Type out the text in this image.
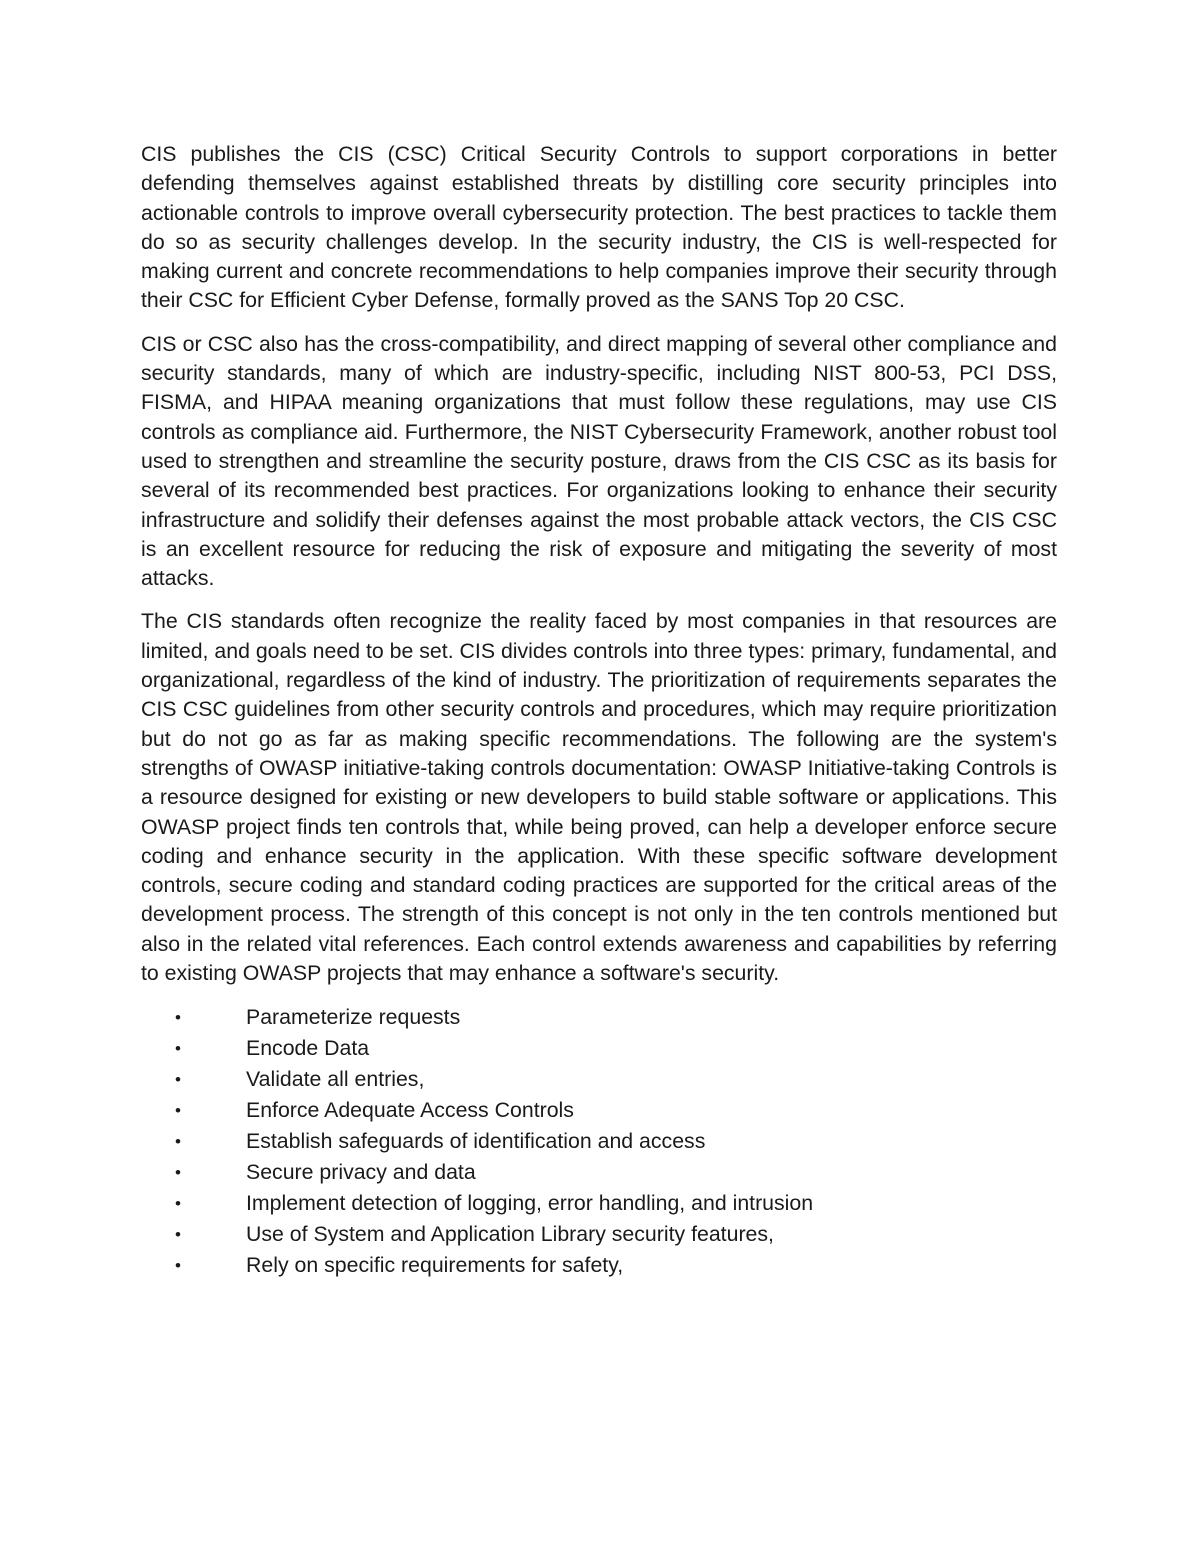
CIS publishes the CIS (CSC) Critical Security Controls to support corporations in better defending themselves against established threats by distilling core security principles into actionable controls to improve overall cybersecurity protection. The best practices to tackle them do so as security challenges develop. In the security industry, the CIS is well-respected for making current and concrete recommendations to help companies improve their security through their CSC for Efficient Cyber Defense, formally proved as the SANS Top 20 CSC.

CIS or CSC also has the cross-compatibility, and direct mapping of several other compliance and security standards, many of which are industry-specific, including NIST 800-53, PCI DSS, FISMA, and HIPAA meaning organizations that must follow these regulations, may use CIS controls as compliance aid. Furthermore, the NIST Cybersecurity Framework, another robust tool used to strengthen and streamline the security posture, draws from the CIS CSC as its basis for several of its recommended best practices. For organizations looking to enhance their security infrastructure and solidify their defenses against the most probable attack vectors, the CIS CSC is an excellent resource for reducing the risk of exposure and mitigating the severity of most attacks.

The CIS standards often recognize the reality faced by most companies in that resources are limited, and goals need to be set. CIS divides controls into three types: primary, fundamental, and organizational, regardless of the kind of industry. The prioritization of requirements separates the CIS CSC guidelines from other security controls and procedures, which may require prioritization but do not go as far as making specific recommendations. The following are the system's strengths of OWASP initiative-taking controls documentation: OWASP Initiative-taking Controls is a resource designed for existing or new developers to build stable software or applications. This OWASP project finds ten controls that, while being proved, can help a developer enforce secure coding and enhance security in the application. With these specific software development controls, secure coding and standard coding practices are supported for the critical areas of the development process. The strength of this concept is not only in the ten controls mentioned but also in the related vital references. Each control extends awareness and capabilities by referring to existing OWASP projects that may enhance a software's security.

•	Parameterize requests
•	Encode Data
•	Validate all entries,
•	Enforce Adequate Access Controls
•	Establish safeguards of identification and access
•	Secure privacy and data
•	Implement detection of logging, error handling, and intrusion
•	Use of System and Application Library security features,
•	Rely on specific requirements for safety,
